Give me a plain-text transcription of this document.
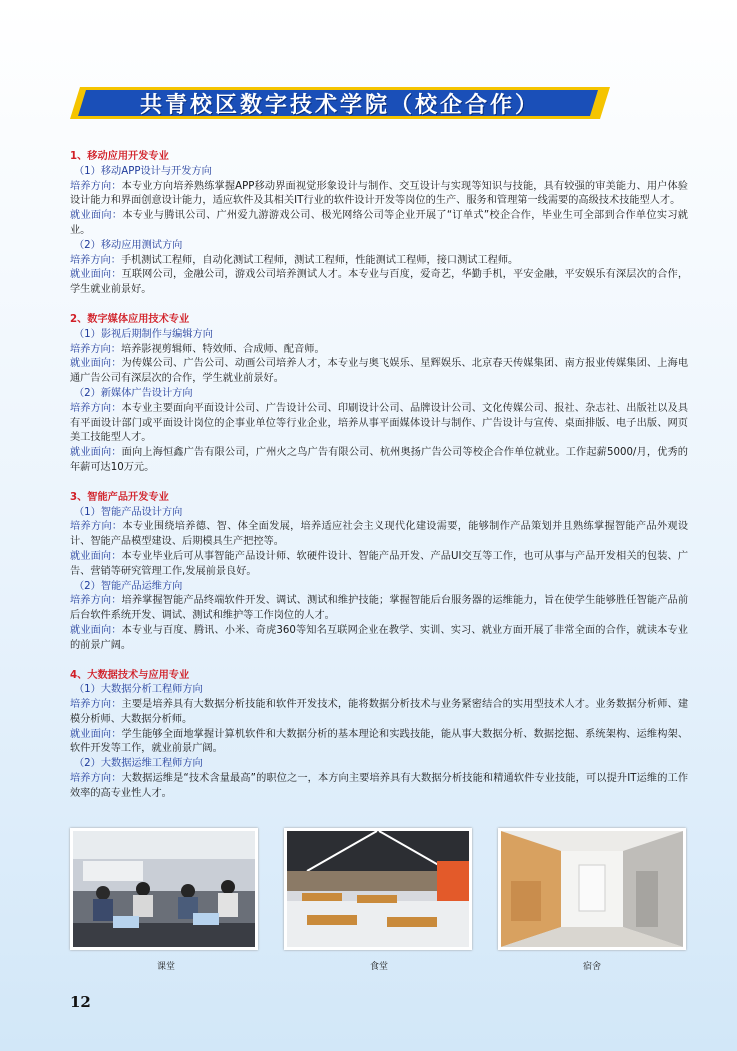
共青校区数字技术学院（校企合作）
1、移动应用开发专业
（1）移动APP设计与开发方向
培养方向：本专业方向培养熟练掌握APP移动界面视觉形象设计与制作、交互设计与实现等知识与技能，具有较强的审美能力、用户体验设计能力和界面创意设计能力，适应软件及其相关IT行业的软件设计开发等岗位的生产、服务和管理第一线需要的高级技术技能型人才。
就业面向：本专业与腾讯公司、广州爱九游游戏公司、极光网络公司等企业开展了“订单式”校企合作，毕业生可全部到合作单位实习就业。
（2）移动应用测试方向
培养方向：手机测试工程师，自动化测试工程师，测试工程师，性能测试工程师，接口测试工程师。
就业面向：互联网公司，金融公司，游戏公司培养测试人才。本专业与百度，爱奇艺，华勤手机，平安金融，平安娱乐有深层次的合作，学生就业前景好。
2、数字媒体应用技术专业
（1）影视后期制作与编辑方向
培养方向：培养影视剪辑师、特效师、合成师、配音师。
就业面向：为传媒公司、广告公司、动画公司培养人才，本专业与奥飞娱乐、星辉娱乐、北京春天传媒集团、南方报业传媒集团、上海电通广告公司有深层次的合作，学生就业前景好。
（2）新媒体广告设计方向
培养方向：本专业主要面向平面设计公司、广告设计公司、印刷设计公司、品牌设计公司、文化传媒公司、报社、杂志社、出版社以及具有平面设计部门或平面设计岗位的企事业单位等行业企业，培养从事平面媒体设计与制作、广告设计与宣传、桌面排版、电子出版、网页美工技能型人才。
就业面向：面向上海恒鑫广告有限公司，广州火之鸟广告有限公司、杭州奥扬广告公司等校企合作单位就业。工作起薪5000/月，优秀的年薪可达10万元。
3、智能产品开发专业
（1）智能产品设计方向
培养方向：本专业围绕培养德、智、体全面发展，培养适应社会主义现代化建设需要，能够制作产品策划并且熟练掌握智能产品外观设计、智能产品模型建设、后期模具生产把控等。
就业面向：本专业毕业后可从事智能产品设计师、软硬件设计、智能产品开发、产品UI交互等工作，也可从事与产品开发相关的包装、广告、营销等研究管理工作,发展前景良好。
（2）智能产品运维方向
培养方向：培养掌握智能产品终端软件开发、调试、测试和维护技能；掌握智能后台服务器的运维能力，旨在使学生能够胜任智能产品前后台软件系统开发、调试、测试和维护等工作岗位的人才。
就业面向：本专业与百度、腾讯、小米、奇虎360等知名互联网企业在教学、实训、实习、就业方面开展了非常全面的合作，就读本专业的前景广阔。
4、大数据技术与应用专业
（1）大数据分析工程师方向
培养方向：主要是培养具有大数据分析技能和软件开发技术，能将数据分析技术与业务紧密结合的实用型技术人才。业务数据分析师、建模分析师、大数据分析师。
就业面向：学生能够全面地掌握计算机软件和大数据分析的基本理论和实践技能，能从事大数据分析、数据挖掘、系统架构、运维构架、软件开发等工作，就业前景广阔。
（2）大数据运维工程师方向
培养方向：大数据运维是“技术含量最高”的职位之一，本方向主要培养具有大数据分析技能和精通软件专业技能，可以提升IT运维的工作效率的高专业性人才。
课堂	食堂	宿舍
12
